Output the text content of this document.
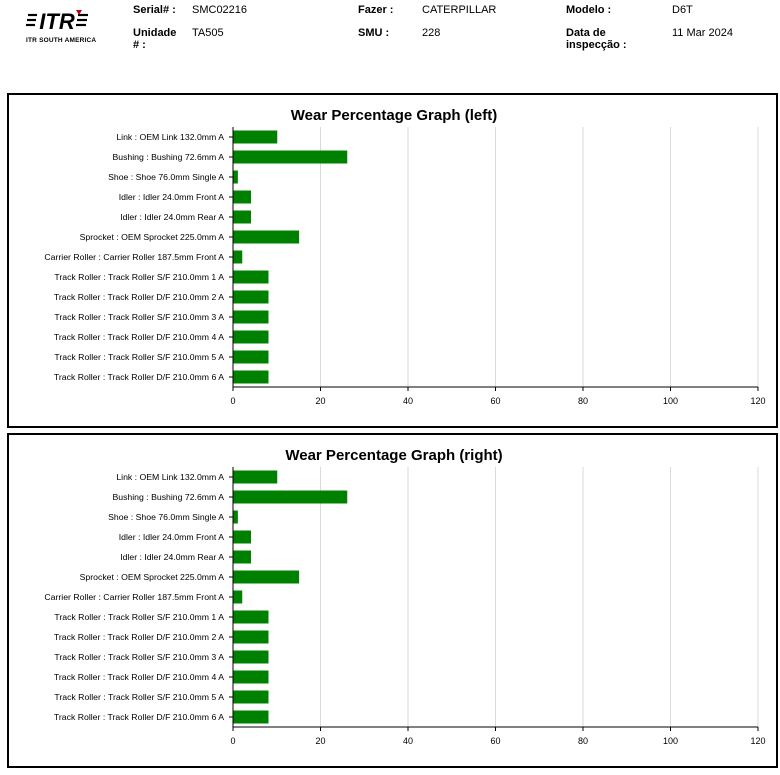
ITR
ITR SOUTH AMERICA
Serial# : SMC02216
Unidade
# :
TA505
Fazer :	CATERPILLAR
SMU :	228
Modelo :	D6T
Data de
inspecção :
11 Mar 2024
Wear Percentage Graph (left)
Link : OEM Link 132.0mm A
Bushing : Bushing 72.6mm A
Shoe : Shoe 76.0mm Single A
Idler : Idler 24.0mm Front A
Idler : Idler 24.0mm Rear A
Sprocket : OEM Sprocket 225.0mm A
Carrier Roller : Carrier Roller 187.5mm Front A
Track Roller : Track Roller S/F 210.0mm 1 A
Track Roller : Track Roller D/F 210.0mm 2 A
Track Roller : Track Roller S/F 210.0mm 3 A
Track Roller : Track Roller D/F 210.0mm 4 A
Track Roller : Track Roller S/F 210.0mm 5 A
Track Roller : Track Roller D/F 210.0mm 6 A
0	20	40	60	80	100	120
Wear Percentage Graph (right)
Link : OEM Link 132.0mm A
Bushing : Bushing 72.6mm A
Shoe : Shoe 76.0mm Single A
Idler : Idler 24.0mm Front A
Idler : Idler 24.0mm Rear A
Sprocket : OEM Sprocket 225.0mm A
Carrier Roller : Carrier Roller 187.5mm Front A
Track Roller : Track Roller S/F 210.0mm 1 A
Track Roller : Track Roller D/F 210.0mm 2 A
Track Roller : Track Roller S/F 210.0mm 3 A
Track Roller : Track Roller D/F 210.0mm 4 A
Track Roller : Track Roller S/F 210.0mm 5 A
Track Roller : Track Roller D/F 210.0mm 6 A
0	20	40	60	80	100	120
